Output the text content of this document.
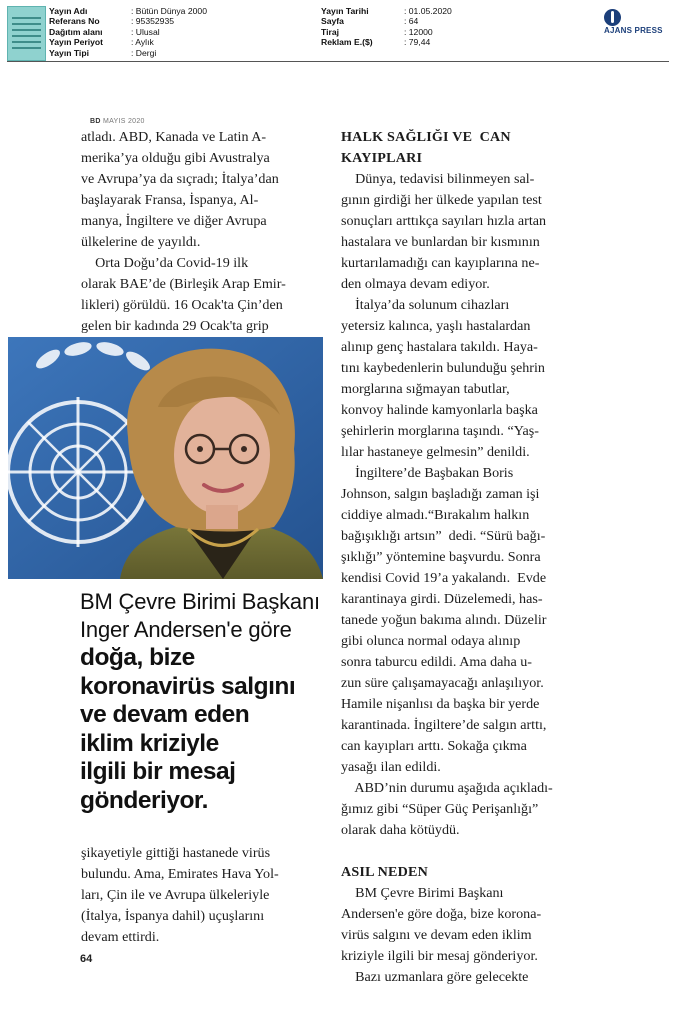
Yayın Adı	: Bütün Dünya 2000
Referans No	: 95352935
Dağıtım alanı	: Ulusal
Yayın Periyot	: Aylık
Yayın Tipi	: Dergi
Yayın Tarihi	: 01.05.2020
Sayfa	: 64
Tiraj	: 12000
Reklam E.($)	: 79,44
AJANS PRESS
BD MAYIS 2020
atladı. ABD, Kanada ve Latin A-
merika’ya olduğu gibi Avustralya
ve Avrupa’ya da sıçradı; İtalya’dan
başlayarak Fransa, İspanya, Al-
manya, İngiltere ve diğer Avrupa
ülkelerine de yayıldı.
Orta Doğu’da Covid-19 ilk
olarak BAE’de (Birleşik Arap Emir-
likleri) görüldü. 16 Ocak'ta Çin’den
gelen bir kadında 29 Ocak'ta grip
BM Çevre Birimi Başkanı
Inger Andersen'e göre
doğa, bize
koronavirüs salgını
ve devam eden
iklim kriziyle
ilgili bir mesaj
gönderiyor.
şikayetiyle gittiği hastanede virüs
bulundu. Ama, Emirates Hava Yol-
ları, Çin ile ve Avrupa ülkeleriyle
(İtalya, İspanya dahil) uçuşlarını
devam ettirdi.
HALK SAĞLIĞI VE  CAN
KAYIPLARI
Dünya, tedavisi bilinmeyen sal-
gının girdiği her ülkede yapılan test
sonuçları arttıkça sayıları hızla artan
hastalara ve bunlardan bir kısmının
kurtarılamadığı can kayıplarına ne-
den olmaya devam ediyor.
İtalya’da solunum cihazları
yetersiz kalınca, yaşlı hastalardan
alınıp genç hastalara takıldı. Haya-
tını kaybedenlerin bulunduğu şehrin
morglarına sığmayan tabutlar,
konvoy halinde kamyonlarla başka
şehirlerin morglarına taşındı. “Yaş-
lılar hastaneye gelmesin” denildi.
İngiltere’de Başbakan Boris
Johnson, salgın başladığı zaman işi
ciddiye almadı.“Bırakalım halkın
bağışıklığı artsın”  dedi. “Sürü bağı-
şıklığı” yöntemine başvurdu. Sonra
kendisi Covid 19’a yakalandı.  Evde
karantinaya girdi. Düzelemedi, has-
tanede yoğun bakıma alındı. Düzelir
gibi olunca normal odaya alınıp
sonra taburcu edildi. Ama daha u-
zun süre çalışamayacağı anlaşılıyor.
Hamile nişanlısı da başka bir yerde
karantinada. İngiltere’de salgın arttı,
can kayıpları arttı. Sokağa çıkma
yasağı ilan edildi.
ABD’nin durumu aşağıda açıkladı-
ğımız gibi “Süper Güç Perişanlığı”
olarak daha kötüydü.
ASIL NEDEN
BM Çevre Birimi Başkanı
Andersen'e göre doğa, bize korona-
virüs salgını ve devam eden iklim
kriziyle ilgili bir mesaj gönderiyor.
Bazı uzmanlara göre gelecekte
64
